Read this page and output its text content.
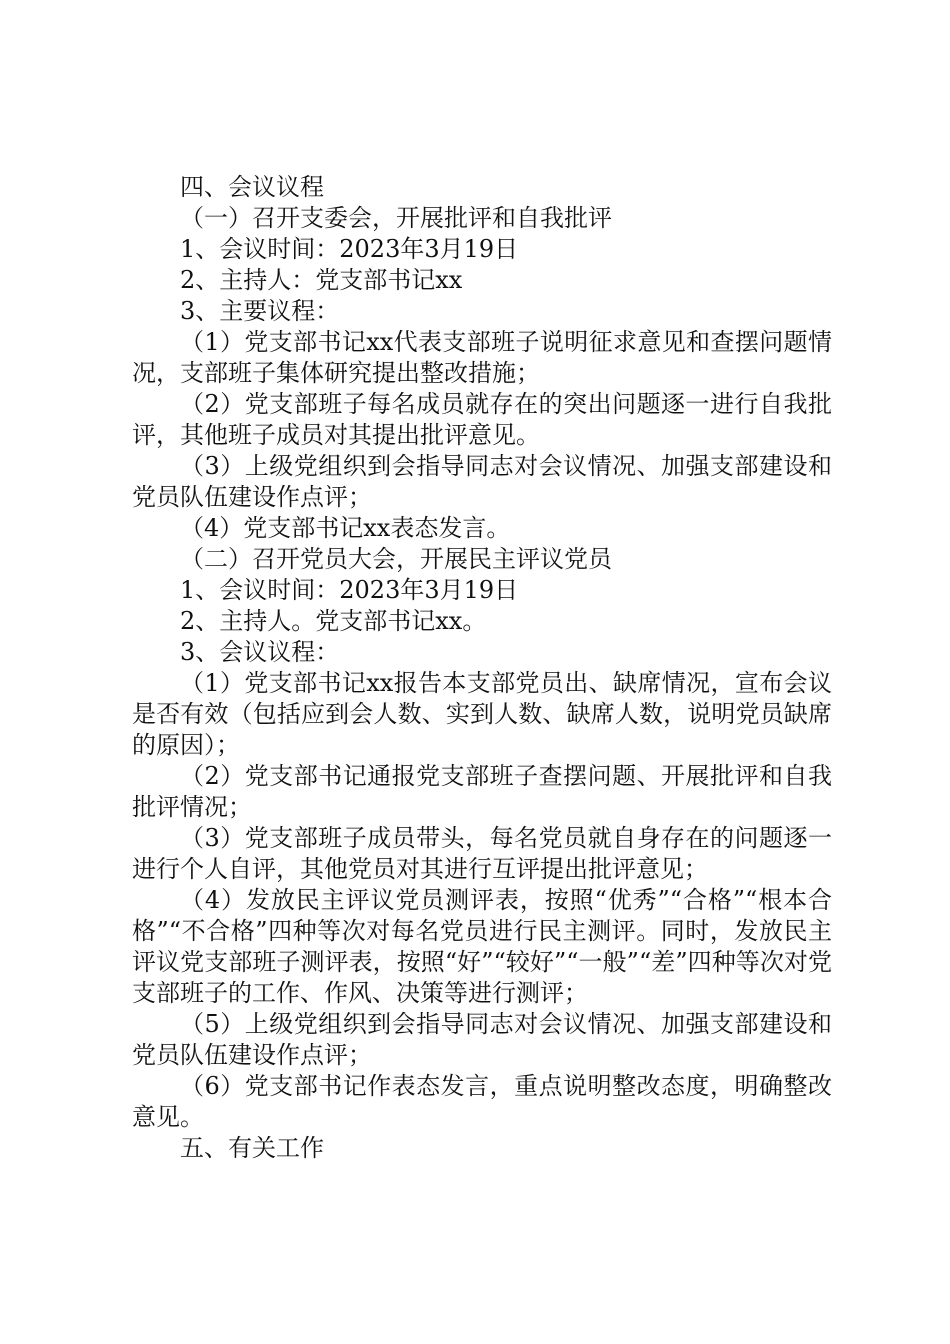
四、会议议程

（一）召开支委会，开展批评和自我批评

1、会议时间：2023年3月19日

2、主持人：党支部书记xx

3、主要议程：

（1）党支部书记xx代表支部班子说明征求意见和查摆问题情况，支部班子集体研究提出整改措施；

（2）党支部班子每名成员就存在的突出问题逐一进行自我批评，其他班子成员对其提出批评意见。

（3）上级党组织到会指导同志对会议情况、加强支部建设和党员队伍建设作点评；

（4）党支部书记xx表态发言。

（二）召开党员大会，开展民主评议党员

1、会议时间：2023年3月19日

2、主持人。党支部书记xx。

3、会议议程：

（1）党支部书记xx报告本支部党员出、缺席情况，宣布会议是否有效（包括应到会人数、实到人数、缺席人数，说明党员缺席的原因）；

（2）党支部书记通报党支部班子查摆问题、开展批评和自我批评情况；

（3）党支部班子成员带头，每名党员就自身存在的问题逐一进行个人自评，其他党员对其进行互评提出批评意见；

（4）发放民主评议党员测评表，按照“优秀”“合格”“根本合格”“不合格”四种等次对每名党员进行民主测评。同时，发放民主评议党支部班子测评表，按照“好”“较好”“一般”“差”四种等次对党支部班子的工作、作风、决策等进行测评；

（5）上级党组织到会指导同志对会议情况、加强支部建设和党员队伍建设作点评；

（6）党支部书记作表态发言，重点说明整改态度，明确整改意见。

五、有关工作
